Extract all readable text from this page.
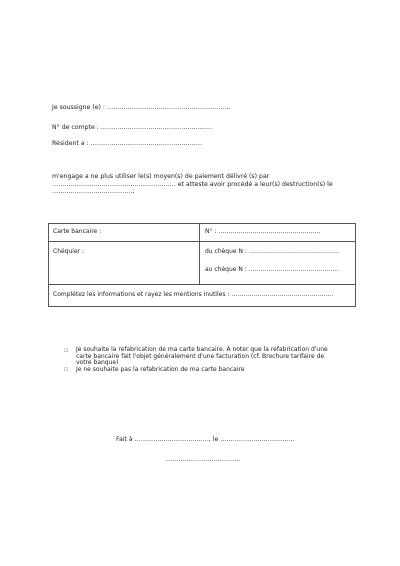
Je soussigne (e) : ……………………………………………………
N° de compte : ………………………………………………
Résident a : ………………………………………………
m'engage a ne plus utiliser le(s) moyen(s) de paiement délivré (s) par
…………………………………………………… et atteste avoir procédé a leur(s) destruction(s) le
…………………………………;
Carte bancaire :	N° : ……………………………………………
Chéquier :	du chèque N : ………………………………………
au chèque N : ………………………………………
Complétez les informations et rayez les mentions inutiles : ……………………………………………
☐	Je souhaite la refabrication de ma carte bancaire. A noter que la refabrication d'une
carte bancaire fait l'objet généralement d'une facturation (cf. Brochure tarifaire de
votre banque)
☐	Je ne souhaite pas la refabrication de ma carte bancaire
Fait à ………………………………, le ………………………………
………………………………
